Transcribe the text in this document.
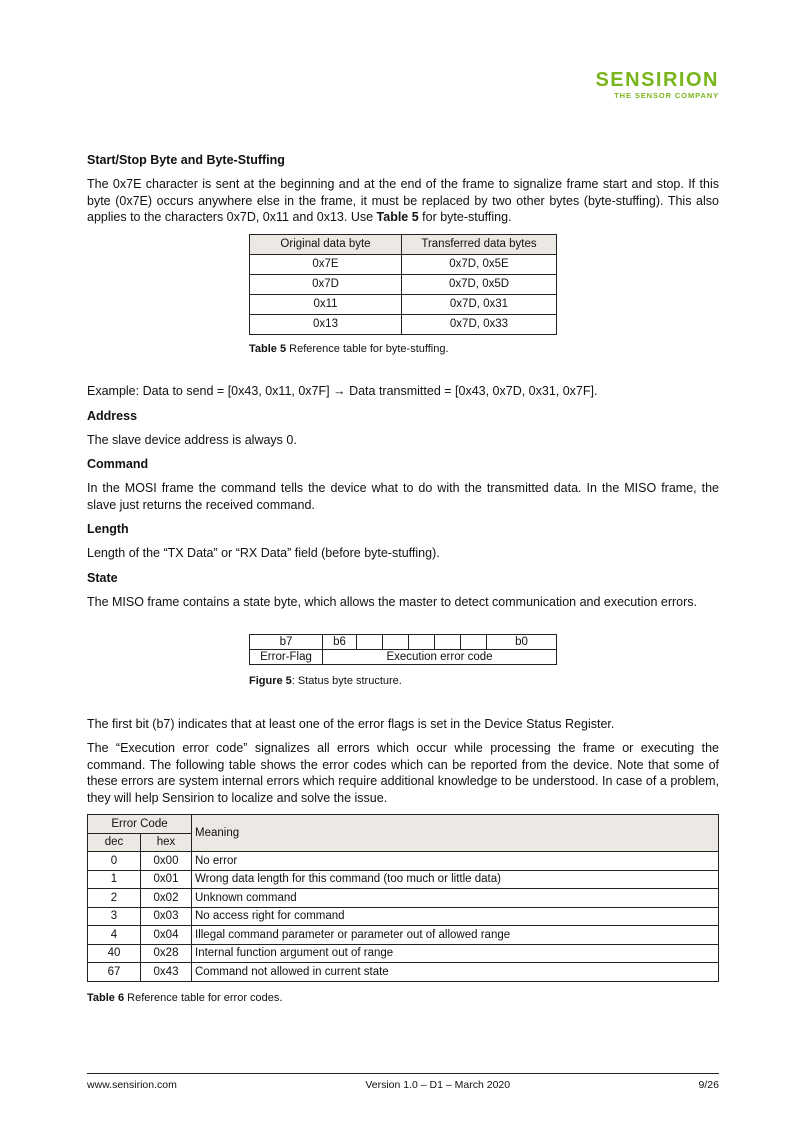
SENSIRION
THE SENSOR COMPANY
Start/Stop Byte and Byte-Stuffing

The 0x7E character is sent at the beginning and at the end of the frame to signalize frame start and stop. If this byte (0x7E) occurs anywhere else in the frame, it must be replaced by two other bytes (byte-stuffing). This also applies to the characters 0x7D, 0x11 and 0x13. Use Table 5 for byte-stuffing.

Original data byte	Transferred data bytes
0x7E	0x7D, 0x5E
0x7D	0x7D, 0x5D
0x11	0x7D, 0x31
0x13	0x7D, 0x33
Table 5 Reference table for byte-stuffing.

Example: Data to send = [0x43, 0x11, 0x7F] → Data transmitted = [0x43, 0x7D, 0x31, 0x7F].

Address

The slave device address is always 0.

Command

In the MOSI frame the command tells the device what to do with the transmitted data. In the MISO frame, the slave just returns the received command.

Length

Length of the “TX Data” or “RX Data” field (before byte-stuffing).

State

The MISO frame contains a state byte, which allows the master to detect communication and execution errors.

b7	b6						b0
Error-Flag	Execution error code						
Figure 5: Status byte structure.

The first bit (b7) indicates that at least one of the error flags is set in the Device Status Register.

The “Execution error code” signalizes all errors which occur while processing the frame or executing the command. The following table shows the error codes which can be reported from the device. Note that some of these errors are system internal errors which require additional knowledge to be understood. In case of a problem, they will help Sensirion to localize and solve the issue.

Error Code		Meaning
dec	hex	
0	0x00	No error
1	0x01	Wrong data length for this command (too much or little data)
2	0x02	Unknown command
3	0x03	No access right for command
4	0x04	Illegal command parameter or parameter out of allowed range
40	0x28	Internal function argument out of range
67	0x43	Command not allowed in current state
Table 6 Reference table for error codes.
www.sensirion.com	Version 1.0 – D1 – March 2020	9/26
